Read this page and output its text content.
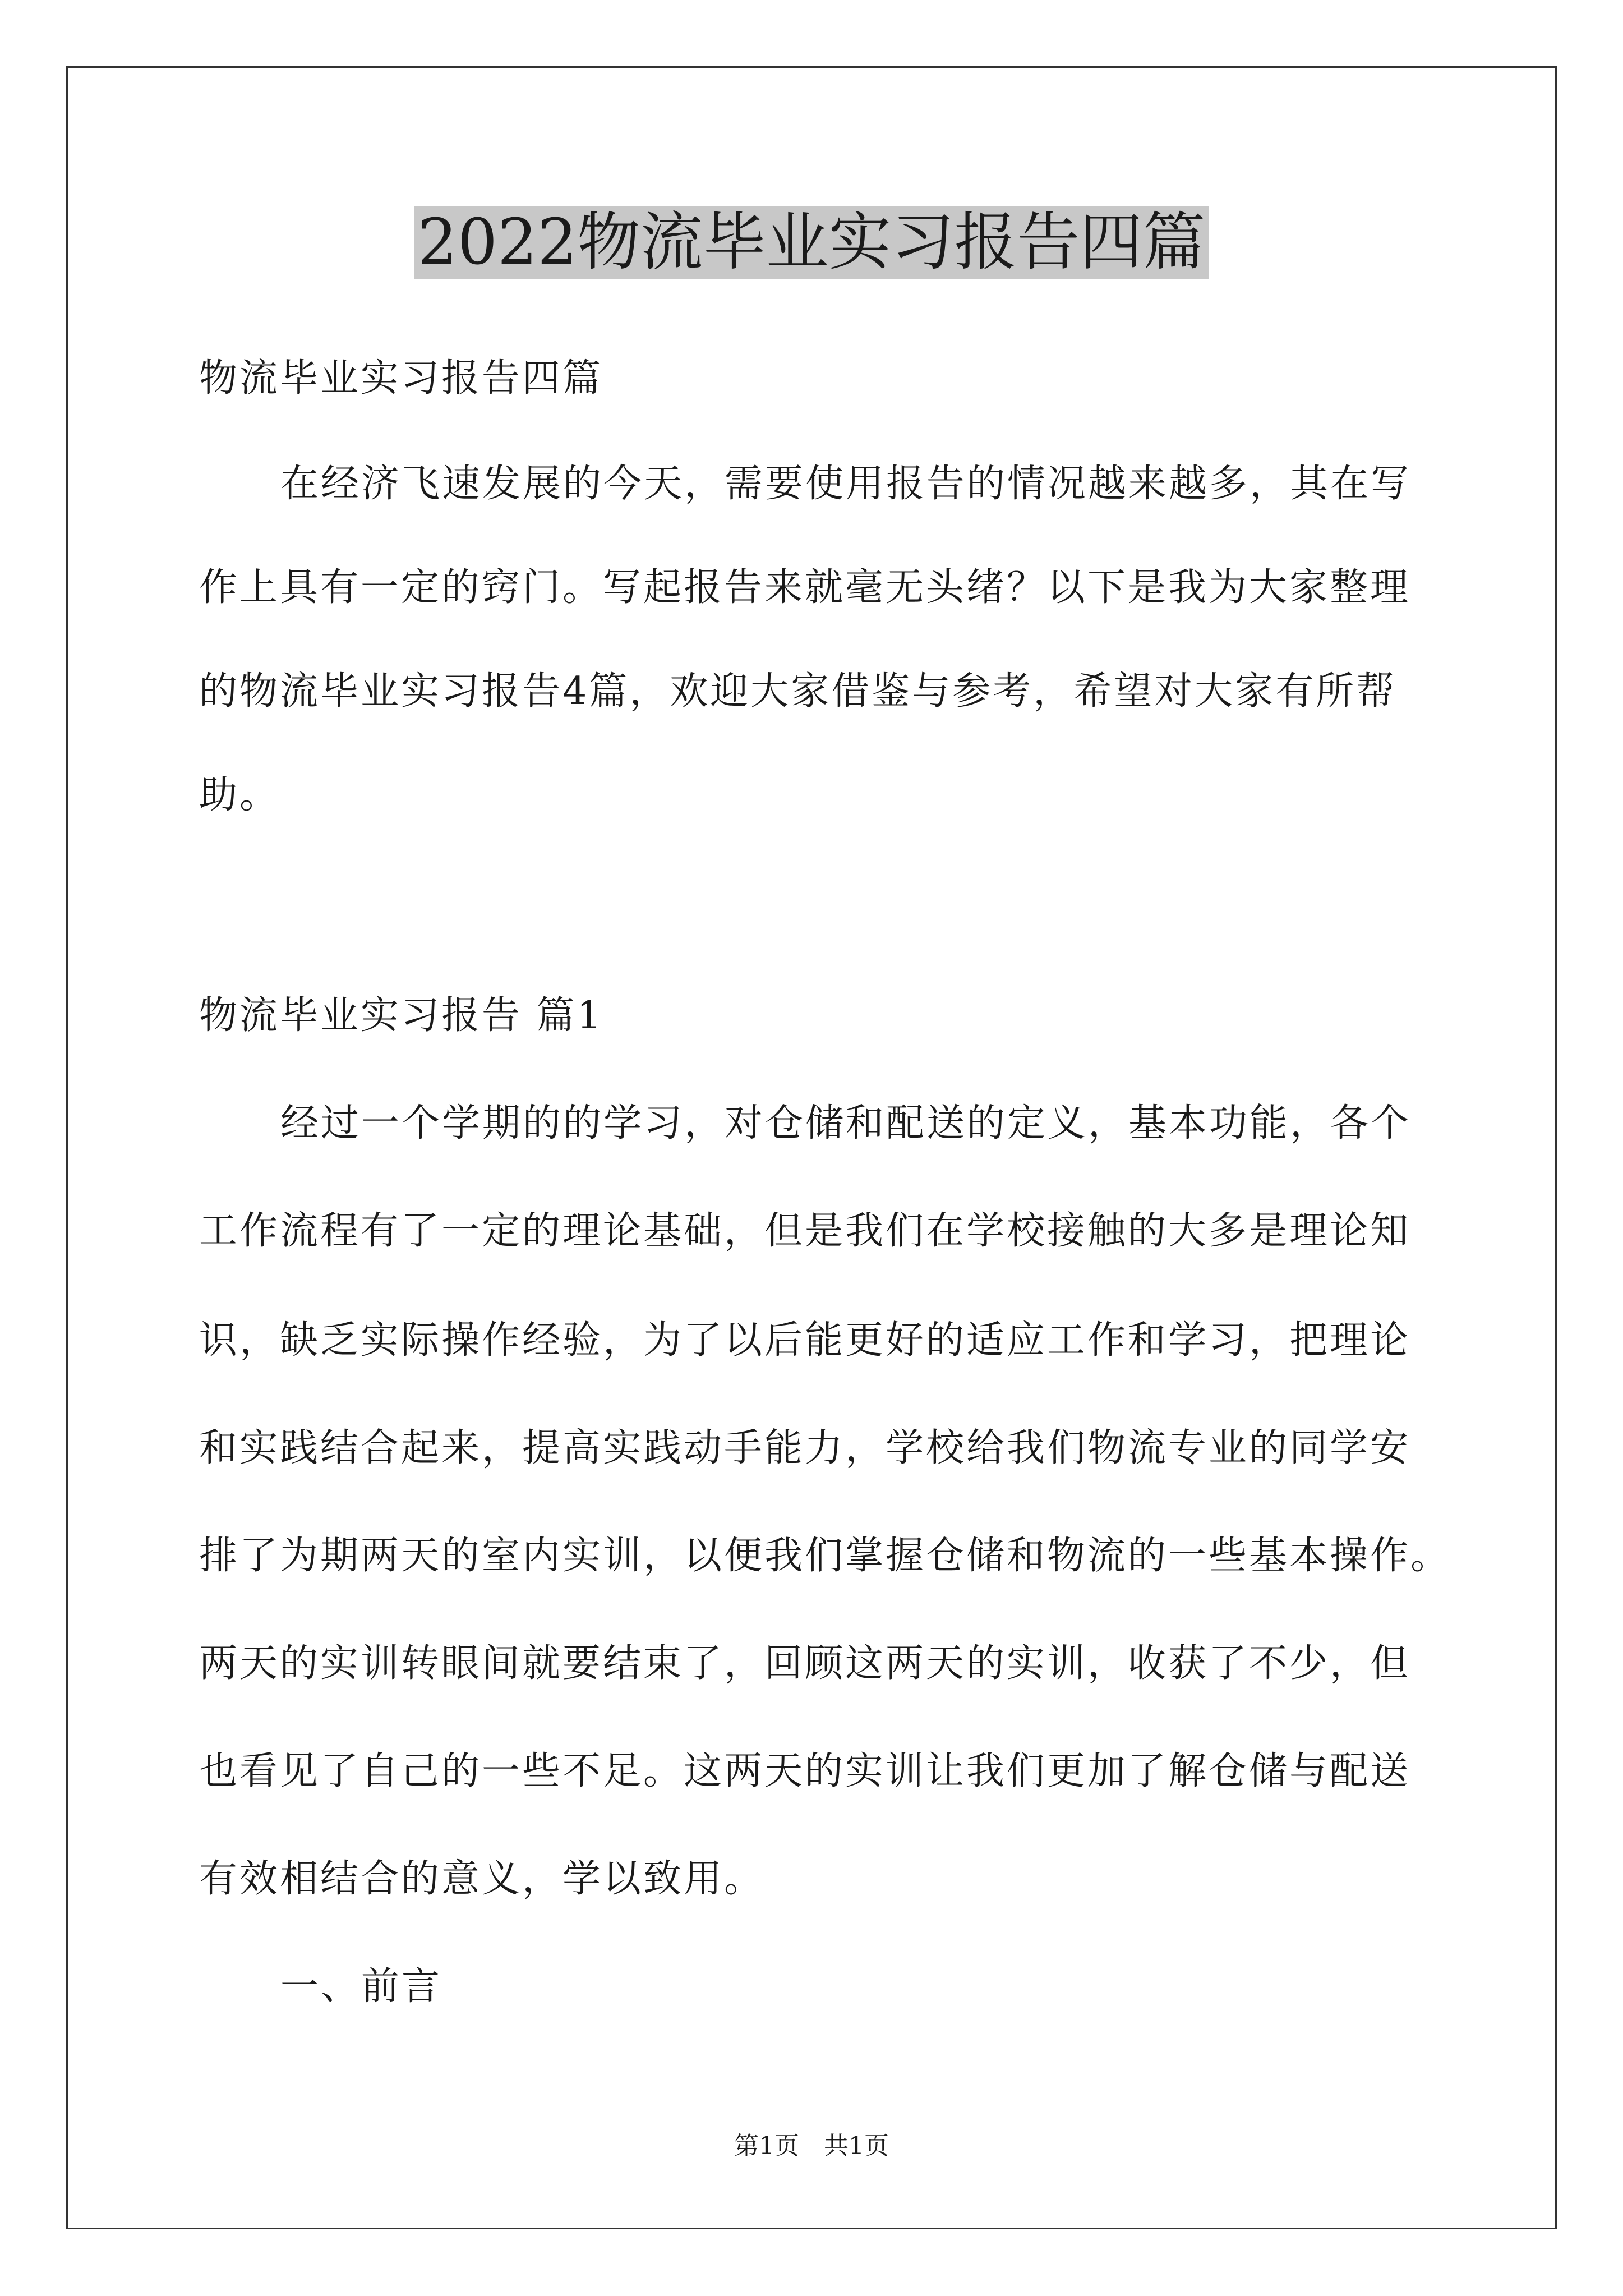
2022物流毕业实习报告四篇

物流毕业实习报告四篇

在经济飞速发展的今天，需要使用报告的情况越来越多，其在写

作上具有一定的窍门。写起报告来就毫无头绪？以下是我为大家整理

的物流毕业实习报告4篇，欢迎大家借鉴与参考，希望对大家有所帮

助。

物流毕业实习报告 篇1

经过一个学期的的学习，对仓储和配送的定义，基本功能，各个

工作流程有了一定的理论基础，但是我们在学校接触的大多是理论知

识，缺乏实际操作经验，为了以后能更好的适应工作和学习，把理论

和实践结合起来，提高实践动手能力，学校给我们物流专业的同学安

排了为期两天的室内实训，以便我们掌握仓储和物流的一些基本操作。

两天的实训转眼间就要结束了，回顾这两天的实训，收获了不少，但

也看见了自己的一些不足。这两天的实训让我们更加了解仓储与配送

有效相结合的意义，学以致用。

一、前言

第1页　共1页
